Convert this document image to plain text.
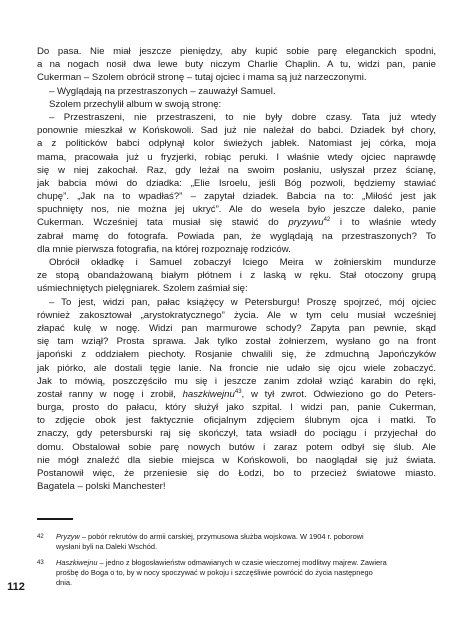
Do pasa. Nie miał jeszcze pieniędzy, aby kupić sobie parę eleganckich spodni,
a na nogach nosił dwa lewe buty niczym Charlie Chaplin. A tu, widzi pan, panie
Cukerman – Szolem obrócił stronę – tutaj ojciec i mama są już narzeczonymi.
– Wyglądają na przestraszonych – zauważył Samuel.
Szolem przechylił album w swoją stronę:
– Przestraszeni, nie przestraszeni, to nie były dobre czasy. Tata już wtedy
ponownie mieszkał w Końskowoli. Sad już nie należał do babci. Dziadek był chory,
a z politicków babci odpłynął kolor świeżych jabłek. Natomiast jej córka, moja
mama, pracowała już u fryzjerki, robiąc peruki. I właśnie wtedy ojciec naprawdę
się w niej zakochał. Raz, gdy leżał na swoim posłaniu, usłyszał przez ścianę,
jak babcia mówi do dziadka: „Elie Isroelu, jeśli Bóg pozwoli, będziemy stawiać
chupę”. „Jak na to wpadłaś?” – zapytał dziadek. Babcia na to: „Miłość jest jak
spuchnięty nos, nie można jej ukryć”. Ale do wesela było jeszcze daleko, panie
Cukerman. Wcześniej tata musiał się stawić do pryzywu$^{42}$ i to właśnie wtedy
zabrał mamę do fotografa. Powiada pan, że wyglądają na przestraszonych? To
dla mnie pierwsza fotografia, na której rozpoznaję rodziców.
Obrócił okładkę i Samuel zobaczył Iciego Meira w żołnierskim mundurze
ze stopą obandażowaną białym płótnem i z laską w ręku. Stał otoczony grupą
uśmiechniętych pielęgniarek. Szolem zaśmiał się:
– To jest, widzi pan, pałac książęcy w Petersburgu! Proszę spojrzeć, mój ojciec
również zakosztował „arystokratycznego” życia. Ale w tym celu musiał wcześniej
złapać kulę w nogę. Widzi pan marmurowe schody? Zapyta pan pewnie, skąd
się tam wziął? Prosta sprawa. Jak tylko został żołnierzem, wysłano go na front
japoński z oddziałem piechoty. Rosjanie chwalili się, że zdmuchną Japończyków
jak piórko, ale dostali tęgie lanie. Na froncie nie udało się ojcu wiele zobaczyć.
Jak to mówią, poszczęściło mu się i jeszcze zanim zdołał wziąć karabin do ręki,
został ranny w nogę i zrobił, haszkiwejnu$^{43}$, w tył zwrot. Odwieziono go do Peters-
burga, prosto do pałacu, który służył jako szpital. I widzi pan, panie Cukerman,
to zdjęcie obok jest faktycznie oficjalnym zdjęciem ślubnym ojca i matki. To
znaczy, gdy petersburski raj się skończył, tata wsiadł do pociągu i przyjechał do
domu. Obstalował sobie parę nowych butów i zaraz potem odbył się ślub. Ale
nie mógł znaleźć dla siebie miejsca w Końskowoli, bo naoglądał się już świata.
Postanowił więc, że przeniesie się do Łodzi, bo to przecież światowe miasto.
Bagatela – polski Manchester!
42 Pryzyw – pobór rekrutów do armii carskiej, przymusowa służba wojskowa. W 1904 r. poborowi
wysłani byli na Daleki Wschód.
43 Haszkiwejnu – jedno z błogosławieństw odmawianych w czasie wieczornej modlitwy majrew. Zawiera
prośbę do Boga o to, by w nocy spoczywać w pokoju i szczęśliwie powrócić do życia następnego
dnia.
112
